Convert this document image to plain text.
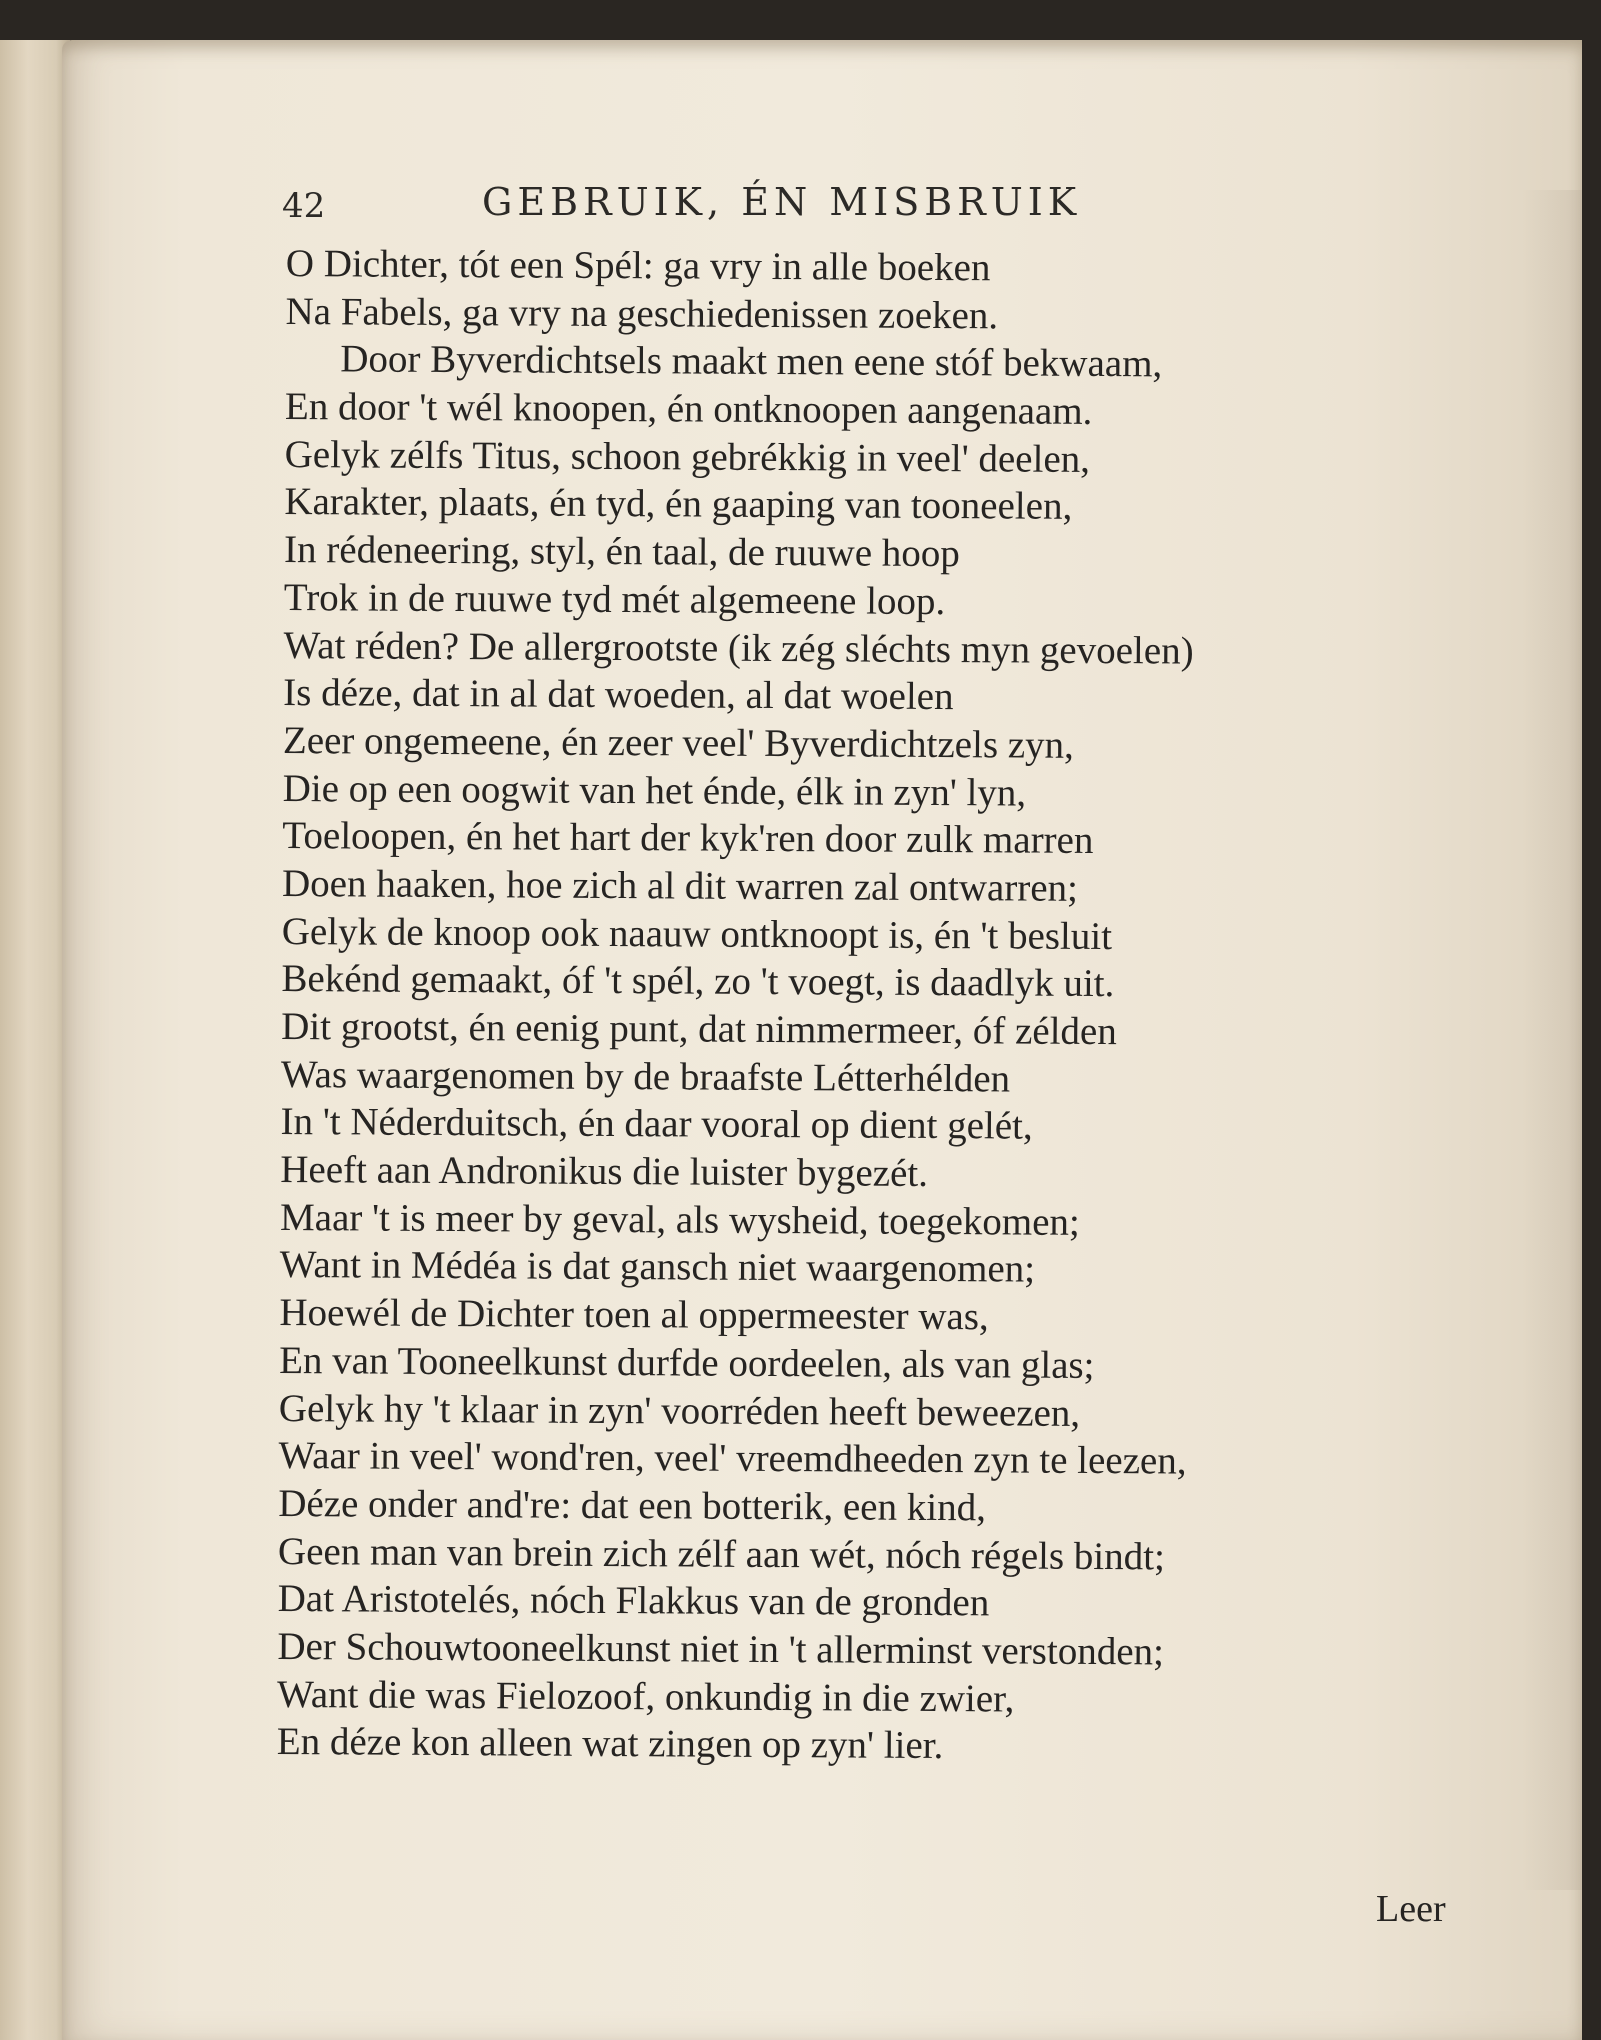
42	GEBRUIK, ÉN MISBRUIK
O Dichter, tót een Spél: ga vry in alle boeken
Na Fabels, ga vry na geschiedenissen zoeken.
Door Byverdichtsels maakt men eene stóf bekwaam,
En door 't wél knoopen, én ontknoopen aangenaam.
Gelyk zélfs Titus, schoon gebrékkig in veel' deelen,
Karakter, plaats, én tyd, én gaaping van tooneelen,
In rédeneering, styl, én taal, de ruuwe hoop
Trok in de ruuwe tyd mét algemeene loop.
Wat réden? De allergrootste (ik zég sléchts myn gevoelen)
Is déze, dat in al dat woeden, al dat woelen
Zeer ongemeene, én zeer veel' Byverdichtzels zyn,
Die op een oogwit van het énde, élk in zyn' lyn,
Toeloopen, én het hart der kyk'ren door zulk marren
Doen haaken, hoe zich al dit warren zal ontwarren;
Gelyk de knoop ook naauw ontknoopt is, én 't besluit
Bekénd gemaakt, óf 't spél, zo 't voegt, is daadlyk uit.
Dit grootst, én eenig punt, dat nimmermeer, óf zélden
Was waargenomen by de braafste Létterhélden
In 't Néderduitsch, én daar vooral op dient gelét,
Heeft aan Andronikus die luister bygezét.
Maar 't is meer by geval, als wysheid, toegekomen;
Want in Médéa is dat gansch niet waargenomen;
Hoewél de Dichter toen al oppermeester was,
En van Tooneelkunst durfde oordeelen, als van glas;
Gelyk hy 't klaar in zyn' voorréden heeft beweezen,
Waar in veel' wond'ren, veel' vreemdheeden zyn te leezen,
Déze onder and're: dat een botterik, een kind,
Geen man van brein zich zélf aan wét, nóch régels bindt;
Dat Aristotelés, nóch Flakkus van de gronden
Der Schouwtooneelkunst niet in 't allerminst verstonden;
Want die was Fielozoof, onkundig in die zwier,
En déze kon alleen wat zingen op zyn' lier.
Leer
